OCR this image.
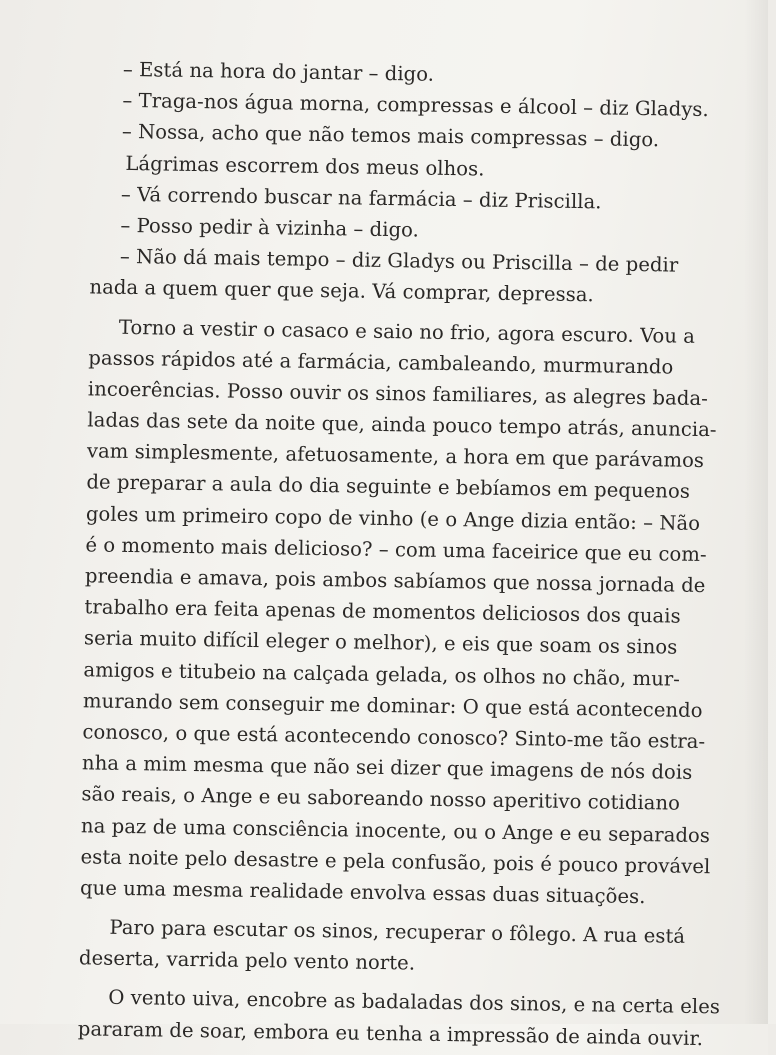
– Está na hora do jantar – digo.
– Traga-nos água morna, compressas e álcool – diz Gladys.
– Nossa, acho que não temos mais compressas – digo.
Lágrimas escorrem dos meus olhos.
– Vá correndo buscar na farmácia – diz Priscilla.
– Posso pedir à vizinha – digo.
– Não dá mais tempo – diz Gladys ou Priscilla – de pedir
nada a quem quer que seja. Vá comprar, depressa.
Torno a vestir o casaco e saio no frio, agora escuro. Vou a
passos rápidos até a farmácia, cambaleando, murmurando
incoerências. Posso ouvir os sinos familiares, as alegres bada-
ladas das sete da noite que, ainda pouco tempo atrás, anuncia-
vam simplesmente, afetuosamente, a hora em que parávamos
de preparar a aula do dia seguinte e bebíamos em pequenos
goles um primeiro copo de vinho (e o Ange dizia então: – Não
é o momento mais delicioso? – com uma faceirice que eu com-
preendia e amava, pois ambos sabíamos que nossa jornada de
trabalho era feita apenas de momentos deliciosos dos quais
seria muito difícil eleger o melhor), e eis que soam os sinos
amigos e titubeio na calçada gelada, os olhos no chão, mur-
murando sem conseguir me dominar: O que está acontecendo
conosco, o que está acontecendo conosco? Sinto-me tão estra-
nha a mim mesma que não sei dizer que imagens de nós dois
são reais, o Ange e eu saboreando nosso aperitivo cotidiano
na paz de uma consciência inocente, ou o Ange e eu separados
esta noite pelo desastre e pela confusão, pois é pouco provável
que uma mesma realidade envolva essas duas situações.
Paro para escutar os sinos, recuperar o fôlego. A rua está
deserta, varrida pelo vento norte.
O vento uiva, encobre as badaladas dos sinos, e na certa eles
pararam de soar, embora eu tenha a impressão de ainda ouvir.
